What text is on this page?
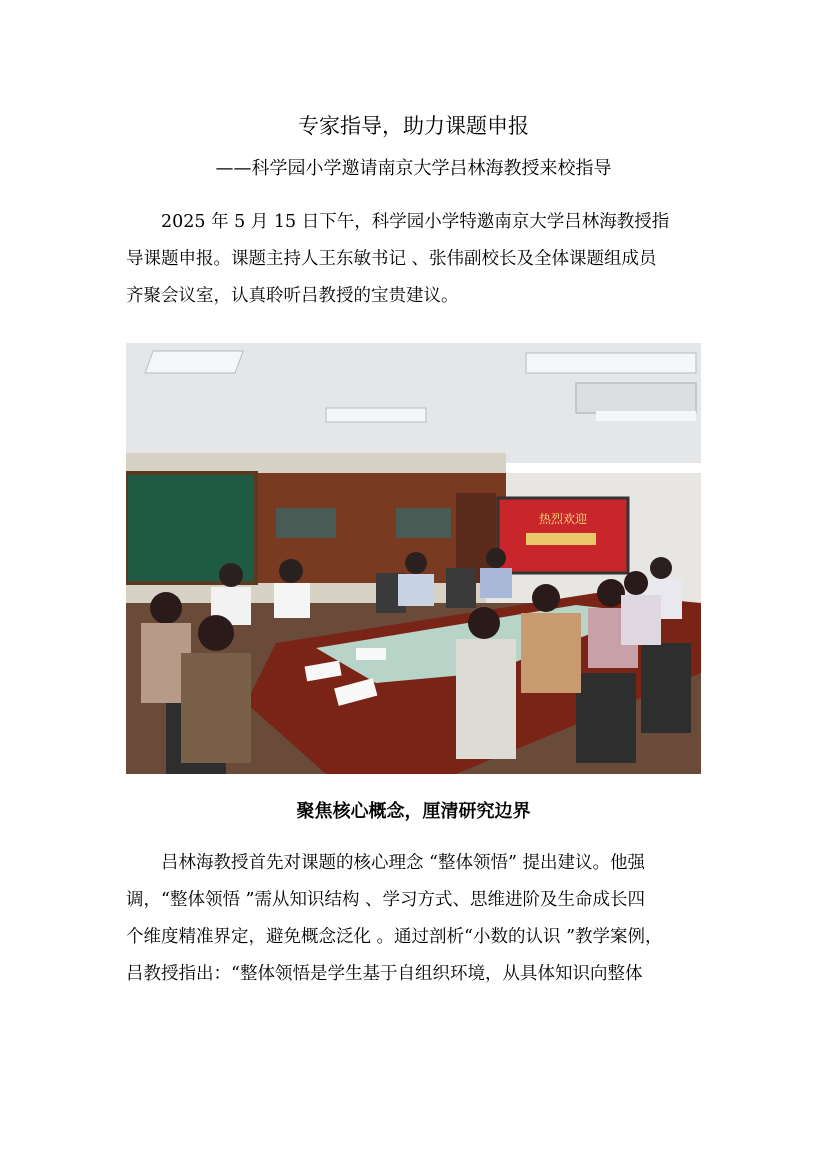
专家指导，助力课题申报
——科学园小学邀请南京大学吕林海教授来校指导
　　2025 年 5 月 15 日下午，科学园小学特邀南京大学吕林海教授指
导课题申报。课题主持人王东敏书记 、张伟副校长及全体课题组成员
齐聚会议室，认真聆听吕教授的宝贵建议。
热烈欢迎
聚焦核心概念，厘清研究边界
　　吕林海教授首先对课题的核心理念 “整体领悟” 提出建议。他强
调，“整体领悟 ”需从知识结构 、学习方式、思维进阶及生命成长四
个维度精准界定，避免概念泛化 。通过剖析“小数的认识 ”教学案例，
吕教授指出：“整体领悟是学生基于自组织环境，从具体知识向整体
